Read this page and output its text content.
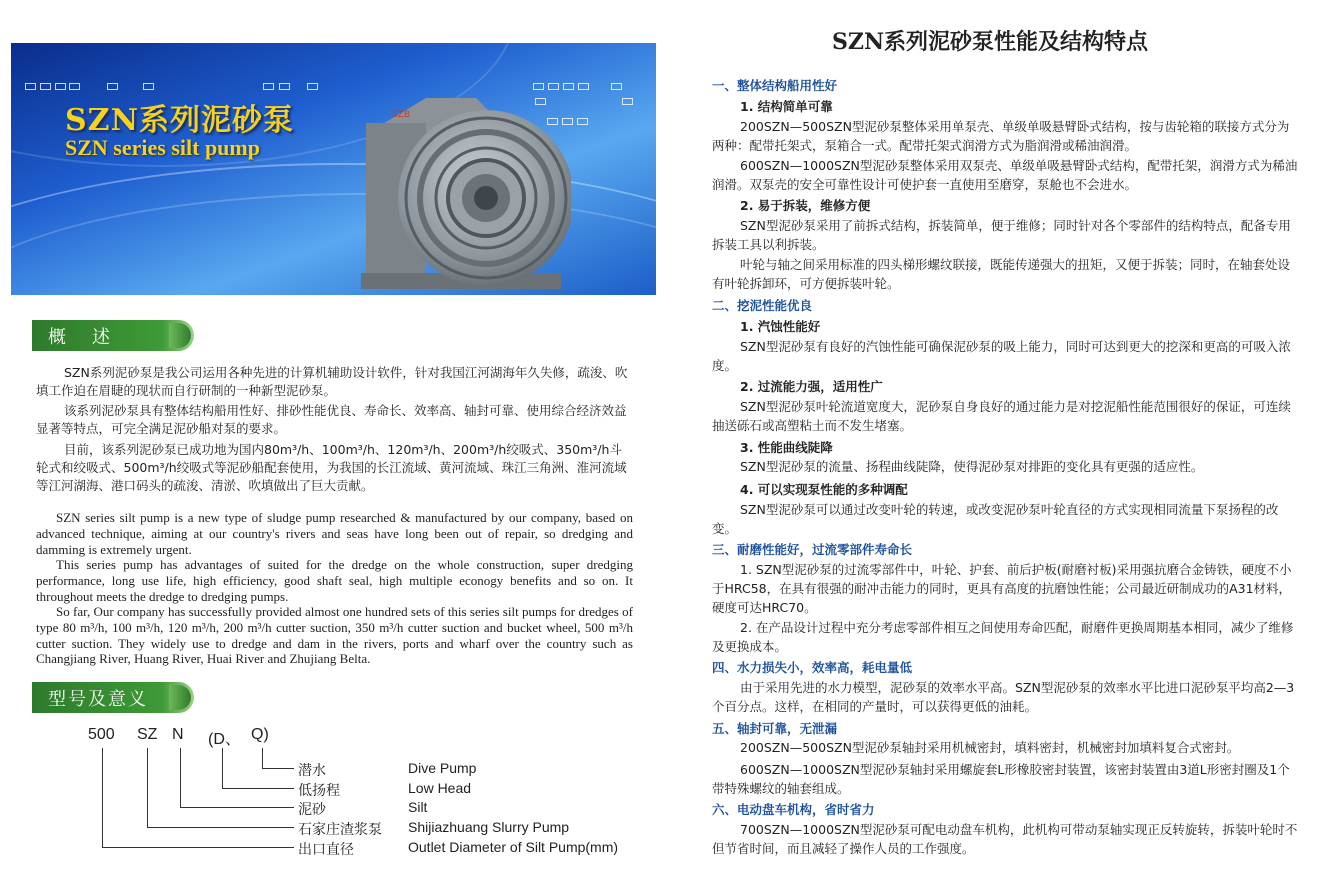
SZN系列泥砂泵
SZN series silt pump
SZB
概　述

SZN系列泥砂泵是我公司运用各种先进的计算机辅助设计软件，针对我国江河湖海年久失修，疏浚、吹填工作迫在眉睫的现状而自行研制的一种新型泥砂泵。

该系列泥砂泵具有整体结构船用性好、排砂性能优良、寿命长、效率高、轴封可靠、使用综合经济效益显著等特点，可完全满足泥砂船对泵的要求。

目前，该系列泥砂泵已成功地为国内80m³/h、100m³/h、120m³/h、200m³/h绞吸式、350m³/h斗轮式和绞吸式、500m³/h绞吸式等泥砂船配套使用，为我国的长江流域、黄河流域、珠江三角洲、淮河流域等江河湖海、港口码头的疏浚、清淤、吹填做出了巨大贡献。

SZN series silt pump is a new type of sludge pump researched & manufactured by our company, based on advanced technique, aiming at our country's rivers and seas have long been out of repair, so dredging and damming is extremely urgent.

This series pump has advantages of suited for the dredge on the whole construction, super dredging performance, long use life, high efficiency, good shaft seal, high multiple econogy benefits and so on. It throughout meets the dredge to dredging pumps.

So far, Our company has successfully provided almost one hundred sets of this series silt pumps for dredges of type 80 m³/h, 100 m³/h, 120 m³/h, 200 m³/h cutter suction, 350 m³/h cutter suction and bucket wheel, 500 m³/h cutter suction. They widely use to dredge and dam in the rivers, ports and wharf over the country such as Changjiang River, Huang River, Huai River and Zhujiang Belta.

型号及意义
500 SZ N (D、 Q)
潜水	Dive Pump
低扬程	Low Head
泥砂	Silt
石家庄渣浆泵 Shijiazhuang Slurry Pump
出口直径	Outlet Diameter of Silt Pump(mm)
SZN系列泥砂泵性能及结构特点
一、整体结构船用性好
1. 结构简单可靠

200SZN—500SZN型泥砂泵整体采用单泵壳、单级单吸悬臂卧式结构，按与齿轮箱的联接方式分为两种：配带托架式，泵箱合一式。配带托架式润滑方式为脂润滑或稀油润滑。

600SZN—1000SZN型泥砂泵整体采用双泵壳、单级单吸悬臂卧式结构，配带托架，润滑方式为稀油润滑。双泵壳的安全可靠性设计可使护套一直使用至磨穿，泵舱也不会进水。

2. 易于拆装，维修方便

SZN型泥砂泵采用了前拆式结构，拆装简单，便于维修；同时针对各个零部件的结构特点，配备专用拆装工具以利拆装。

叶轮与轴之间采用标准的四头梯形螺纹联接，既能传递强大的扭矩，又便于拆装；同时，在轴套处设有叶轮拆卸环，可方便拆装叶轮。

二、挖泥性能优良
1. 汽蚀性能好

SZN型泥砂泵有良好的汽蚀性能可确保泥砂泵的吸上能力，同时可达到更大的挖深和更高的可吸入浓度。

2. 过流能力强，适用性广

SZN型泥砂泵叶轮流道宽度大，泥砂泵自身良好的通过能力是对挖泥船性能范围很好的保证，可连续抽送砾石或高塑粘土而不发生堵塞。

3. 性能曲线陡降

SZN型泥砂泵的流量、扬程曲线陡降，使得泥砂泵对排距的变化具有更强的适应性。

4. 可以实现泵性能的多种调配

SZN型泥砂泵可以通过改变叶轮的转速，或改变泥砂泵叶轮直径的方式实现相同流量下泵扬程的改变。

三、耐磨性能好，过流零部件寿命长

1. SZN型泥砂泵的过流零部件中，叶轮、护套、前后护板(耐磨衬板)采用强抗磨合金铸铁，硬度不小于HRC58，在具有很强的耐冲击能力的同时，更具有高度的抗磨蚀性能；公司最近研制成功的A31材料，硬度可达HRC70。

2. 在产品设计过程中充分考虑零部件相互之间使用寿命匹配，耐磨件更换周期基本相同，减少了维修及更换成本。

四、水力损失小，效率高，耗电量低

由于采用先进的水力模型，泥砂泵的效率水平高。SZN型泥砂泵的效率水平比进口泥砂泵平均高2—3个百分点。这样，在相同的产量时，可以获得更低的油耗。

五、轴封可靠，无泄漏

200SZN—500SZN型泥砂泵轴封采用机械密封，填料密封，机械密封加填料复合式密封。

600SZN—1000SZN型泥砂泵轴封采用螺旋套L形橡胶密封装置，该密封装置由3道L形密封圈及1个带特殊螺纹的轴套组成。

六、电动盘车机构，省时省力

700SZN—1000SZN型泥砂泵可配电动盘车机构，此机构可带动泵轴实现正反转旋转，拆装叶轮时不但节省时间，而且减轻了操作人员的工作强度。
